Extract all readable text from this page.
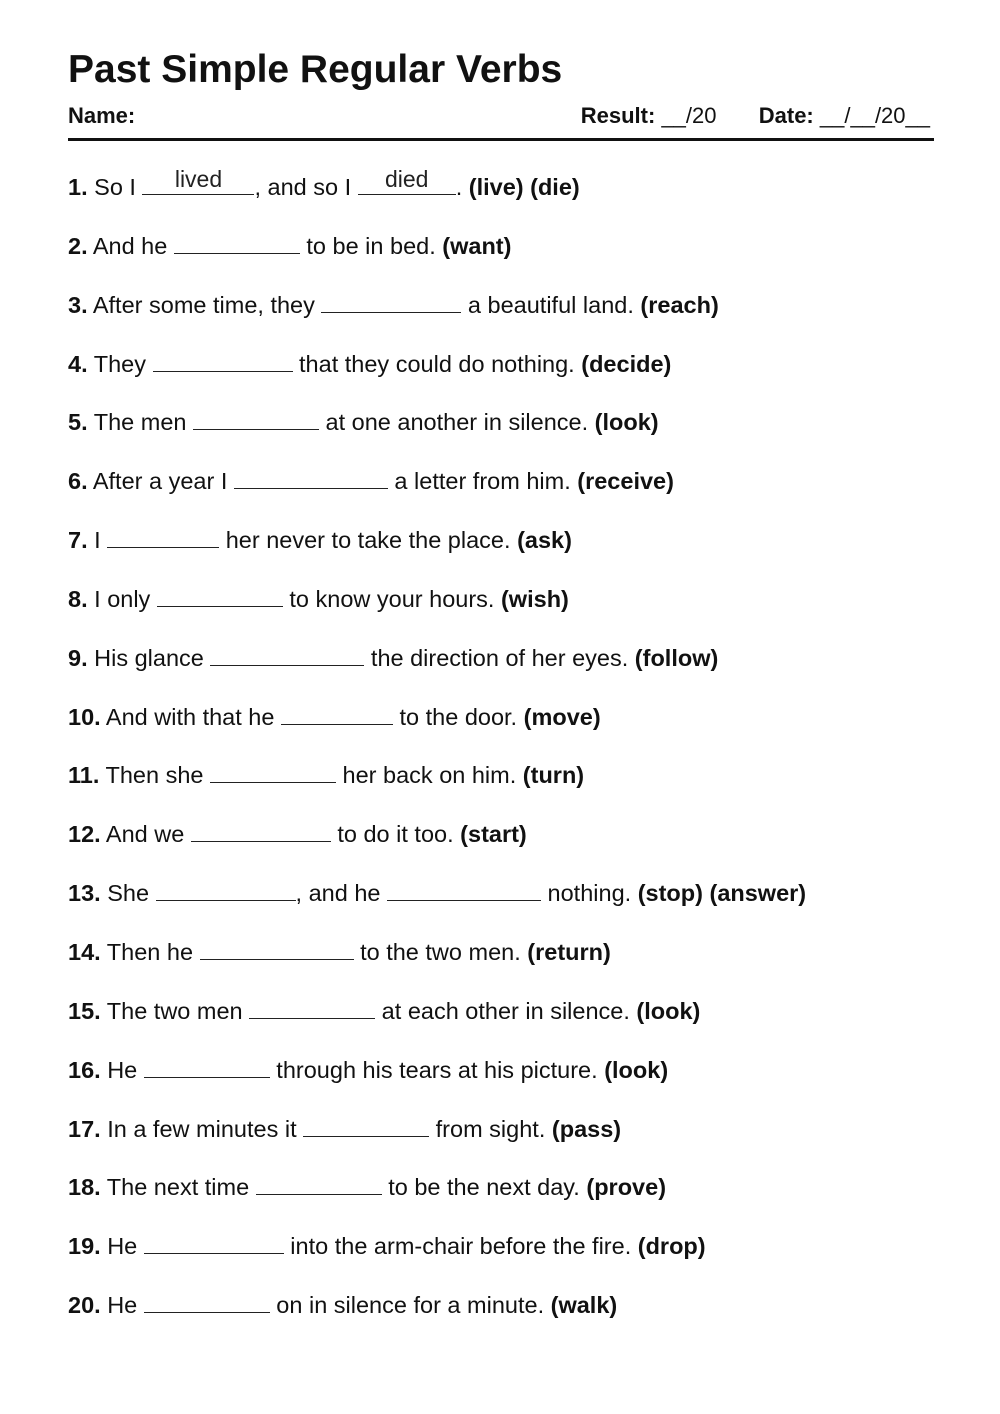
Past Simple Regular Verbs
Name:	Result: __/20 Date: __/__/20__
1. So I	lived	, and so I	died	. (live) (die)
2. And he	to be in bed. (want)
3. After some time, they	a beautiful land. (reach)
4. They	that they could do nothing. (decide)
5. The men	at one another in silence. (look)
6. After a year I	a letter from him. (receive)
7. I	her never to take the place. (ask)
8. I only	to know your hours. (wish)
9. His glance	the direction of her eyes. (follow)
10. And with that he	to the door. (move)
11. Then she	her back on him. (turn)
12. And we	to do it too. (start)
13. She	, and he	nothing. (stop) (answer)
14. Then he	to the two men. (return)
15. The two men	at each other in silence. (look)
16. He	through his tears at his picture. (look)
17. In a few minutes it	from sight. (pass)
18. The next time	to be the next day. (prove)
19. He	into the arm-chair before the fire. (drop)
20. He	on in silence for a minute. (walk)
